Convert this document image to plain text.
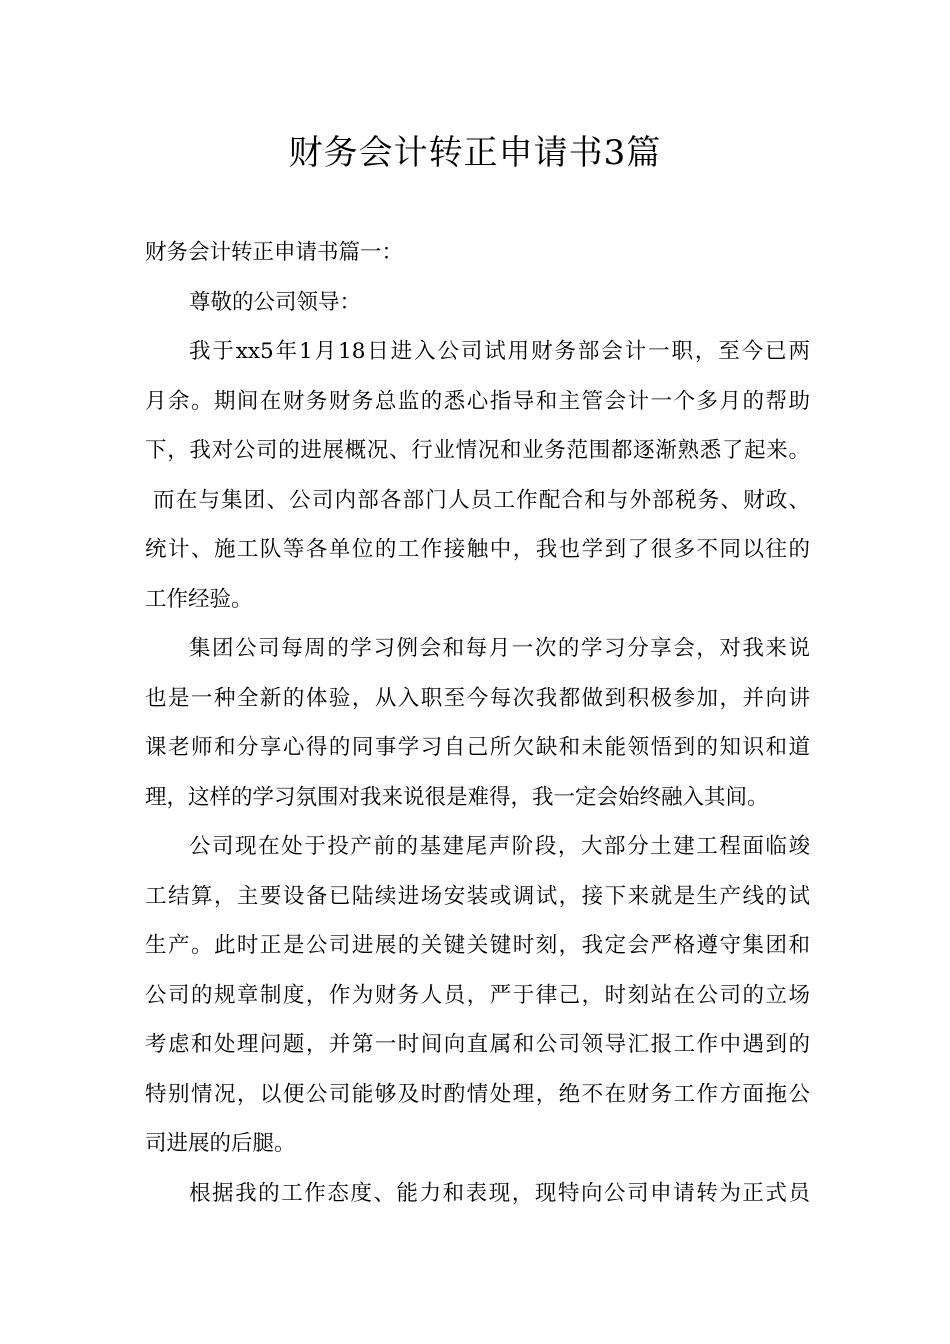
财务会计转正申请书3篇
财务会计转正申请书篇一：
尊敬的公司领导：
我于xx5年1月18日进入公司试用财务部会计一职，至今已两
月余。期间在财务财务总监的悉心指导和主管会计一个多月的帮助
下，我对公司的进展概况、行业情况和业务范围都逐渐熟悉了起来。
而在与集团、公司内部各部门人员工作配合和与外部税务、财政、
统计、施工队等各单位的工作接触中，我也学到了很多不同以往的
工作经验。
集团公司每周的学习例会和每月一次的学习分享会，对我来说
也是一种全新的体验，从入职至今每次我都做到积极参加，并向讲
课老师和分享心得的同事学习自己所欠缺和未能领悟到的知识和道
理，这样的学习氛围对我来说很是难得，我一定会始终融入其间。
公司现在处于投产前的基建尾声阶段，大部分土建工程面临竣
工结算，主要设备已陆续进场安装或调试，接下来就是生产线的试
生产。此时正是公司进展的关键关键时刻，我定会严格遵守集团和
公司的规章制度，作为财务人员，严于律己，时刻站在公司的立场
考虑和处理问题，并第一时间向直属和公司领导汇报工作中遇到的
特别情况，以便公司能够及时酌情处理，绝不在财务工作方面拖公
司进展的后腿。
根据我的工作态度、能力和表现，现特向公司申请转为正式员
